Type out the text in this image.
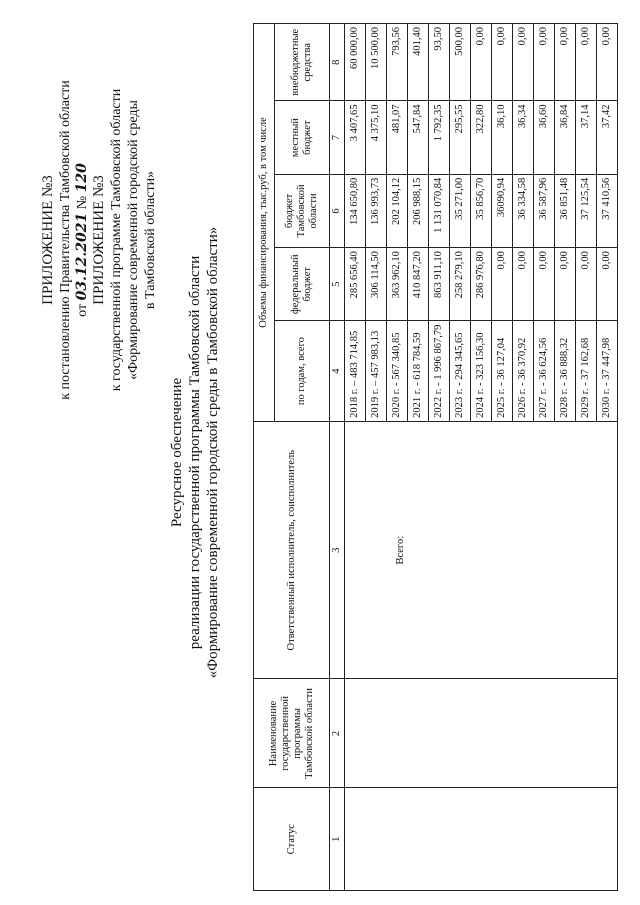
ПРИЛОЖЕНИЕ №3 к постановлению Правительства Тамбовской области от 03.12.2021 № 120 ПРИЛОЖЕНИЕ №3 к государственной программе Тамбовской области «Формирование современной городской среды в Тамбовской области»
Ресурсное обеспечение реализации государственной программы Тамбовской области «Формирование современной городской среды в Тамбовской области»
Статус	Наименование государственной программы Тамбовской области	Ответственный исполнитель, соисполнитель	Объемы финансирования, тыс.руб, в том числе				
			по годам, всего	федеральный бюджет	бюджет Тамбовской области	местный бюджет	внебюджетные средства
1	2	3	4	5	6	7	8
		Всего:	2018 г. – 483 714,85	285 656,40	134 650,80	3 407,65	60 000,00
			2019 г. – 457 983,13	306 114,50	136 993,73	4 375,10	10 500,00
			2020 г. - 567 340,85	363 962,10	202 104,12	481,07	793,56
			2021 г. - 618 784,59	410 847,20	206 988,15	547,84	401,40
			2022 г. - 1 996 867,79	863 911,10	1 131 070,84	1 792,35	93,50
			2023 г. - 294 345,65	258 279,10	35 271,00	295,55	500,00
			2024 г. - 323 156,30	286 976,80	35 856,70	322,80	0,00
			2025 г. - 36 127,04	0,00	36090,94	36,10	0,00
			2026 г. - 36 370,92	0,00	36 334,58	36,34	0,00
			2027 г. - 36 624,56	0,00	36 587,96	36,60	0,00
			2028 г. - 36 888,32	0,00	36 851,48	36,84	0,00
			2029 г. - 37 162,68	0,00	37 125,54	37,14	0,00
			2030 г. - 37 447,98	0,00	37 410,56	37,42	0,00
